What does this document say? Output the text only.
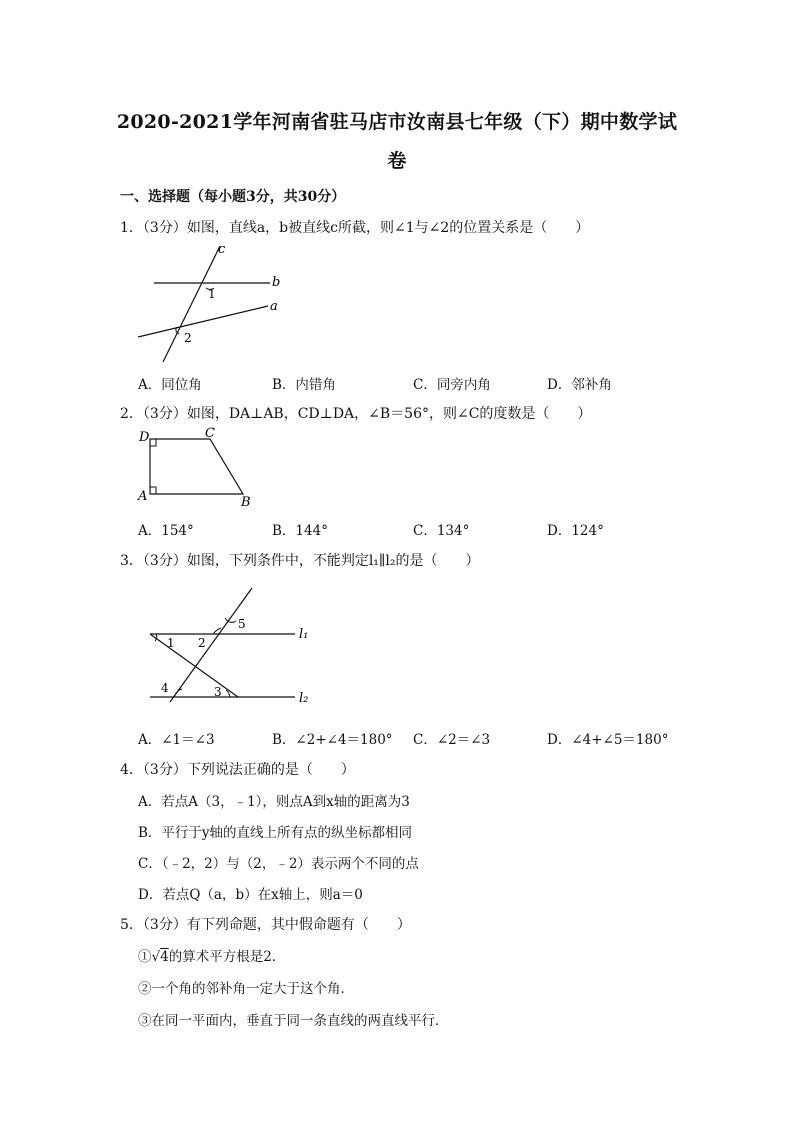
2020-2021学年河南省驻马店市汝南县七年级（下）期中数学试
卷
一、选择题（每小题3分，共30分）
1．（3分）如图，直线a，b被直线c所截，则∠1与∠2的位置关系是（　　）
c
b
a
1
2
A．同位角	B．内错角	C．同旁内角	D．邻补角
2．（3分）如图，DA⊥AB，CD⊥DA，∠B＝56°，则∠C的度数是（　　）
D	C
A	B
A．154°	B．144°	C．134°	D．124°
3．（3分）如图，下列条件中，不能判定l₁∥l₂的是（　　）
1 2
3
4
5
l₁
l₂
A．∠1＝∠3	B．∠2+∠4＝180° C．∠2＝∠3	D．∠4+∠5＝180°
4．（3分）下列说法正确的是（　　）
A．若点A（3，﹣1），则点A到x轴的距离为3
B．平行于y轴的直线上所有点的纵坐标都相同
C．（﹣2，2）与（2，﹣2）表示两个不同的点
D．若点Q（a，b）在x轴上，则a＝0
5．（3分）有下列命题，其中假命题有（　　）
①√4的算术平方根是2．
②一个角的邻补角一定大于这个角．
③在同一平面内，垂直于同一条直线的两直线平行．
